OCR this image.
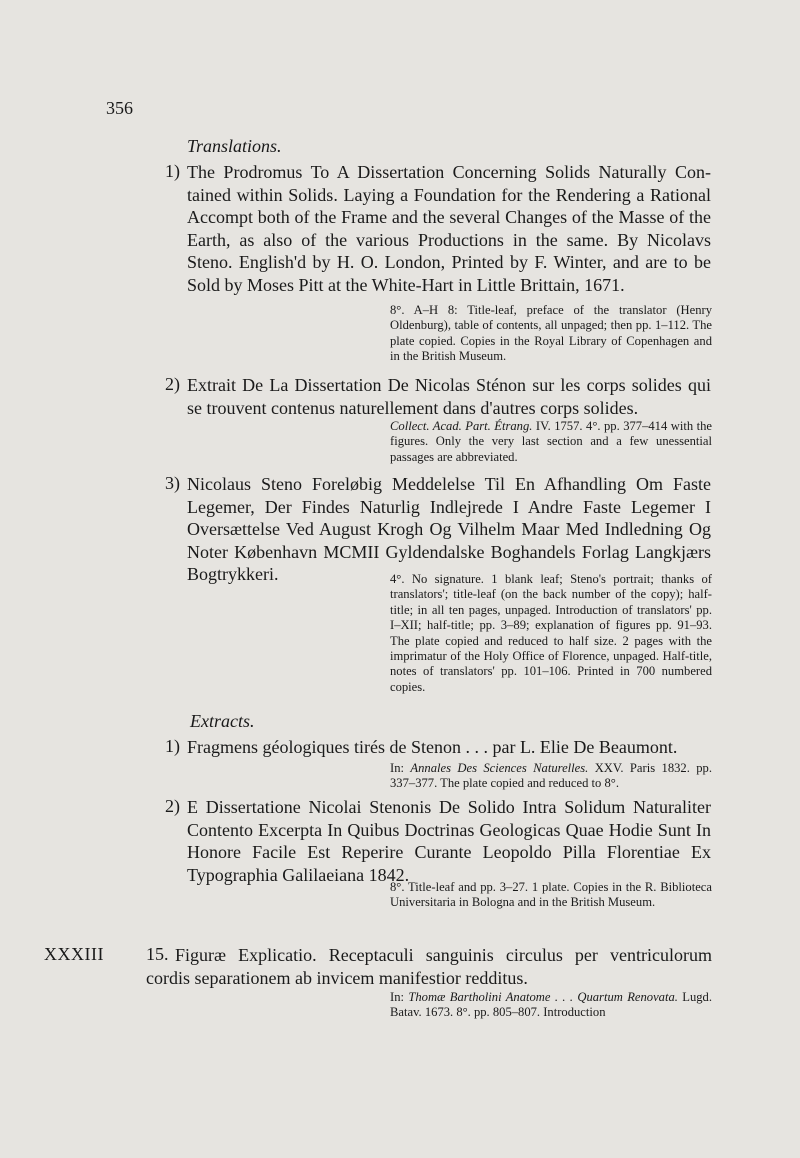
356
Translations.
1) The Prodromus To A Dissertation Concerning Solids Naturally Contained within Solids. Laying a Foundation for the Rendering a Rational Accompt both of the Frame and the several Changes of the Masse of the Earth, as also of the various Productions in the same. By Nicolavs Steno. English'd by H. O. London, Printed by F. Winter, and are to be Sold by Moses Pitt at the White-Hart in Little Brittain, 1671.

8°. A–H 8: Title-leaf, preface of the translator (Henry Oldenburg), table of contents, all unpaged; then pp. 1–112. The plate copied. Copies in the Royal Library of Copenhagen and in the British Museum.

2) Extrait De La Dissertation De Nicolas Sténon sur les corps solides qui se trouvent contenus naturellement dans d'autres corps solides.

Collect. Acad. Part. Étrang. IV. 1757. 4°. pp. 377–414 with the figures. Only the very last section and a few unessential passages are abbreviated.

3) Nicolaus Steno Foreløbig Meddelelse Til En Afhandling Om Faste Legemer, Der Findes Naturlig Indlejrede I Andre Faste Legemer I Oversættelse Ved August Krogh Og Vilhelm Maar Med Indledning Og Noter København MCMII Gyldendalske Boghandels Forlag Langkjærs Bogtrykkeri.	4°. No signature. 1 blank leaf; Steno's portrait; thanks of translators'; title-leaf (on the back number of the copy); half-title; in all ten pages, unpaged. Introduction of translators' pp. I–XII; half-title; pp. 3–89; explanation of figures pp. 91–93. The plate copied and reduced to half size. 2 pages with the imprimatur of the Holy Office of Florence, unpaged. Half-title, notes of translators' pp. 101–106. Printed in 700 numbered copies.

Extracts.
1) Fragmens géologiques tirés de Stenon . . . par L. Elie De Beaumont.

In: Annales Des Sciences Naturelles. XXV. Paris 1832. pp. 337–377. The plate copied and reduced to 8°.

2) E Dissertatione Nicolai Stenonis De Solido Intra Solidum Naturaliter Contento Excerpta In Quibus Doctrinas Geologicas Quae Hodie Sunt In Honore Facile Est Reperire Curante Leopoldo Pilla Florentiae Ex Typographia Galilaeiana 1842.

8°. Title-leaf and pp. 3–27. 1 plate. Copies in the R. Biblioteca Universitaria in Bologna and in the British Museum.

XXXIII 15. Figuræ Explicatio. Receptaculi sanguinis circulus per ventriculorum cordis separationem ab invicem manifestior redditus.

In: Thomæ Bartholini Anatome . . . Quartum Renovata. Lugd. Batav. 1673. 8°. pp. 805–807. Introduction
